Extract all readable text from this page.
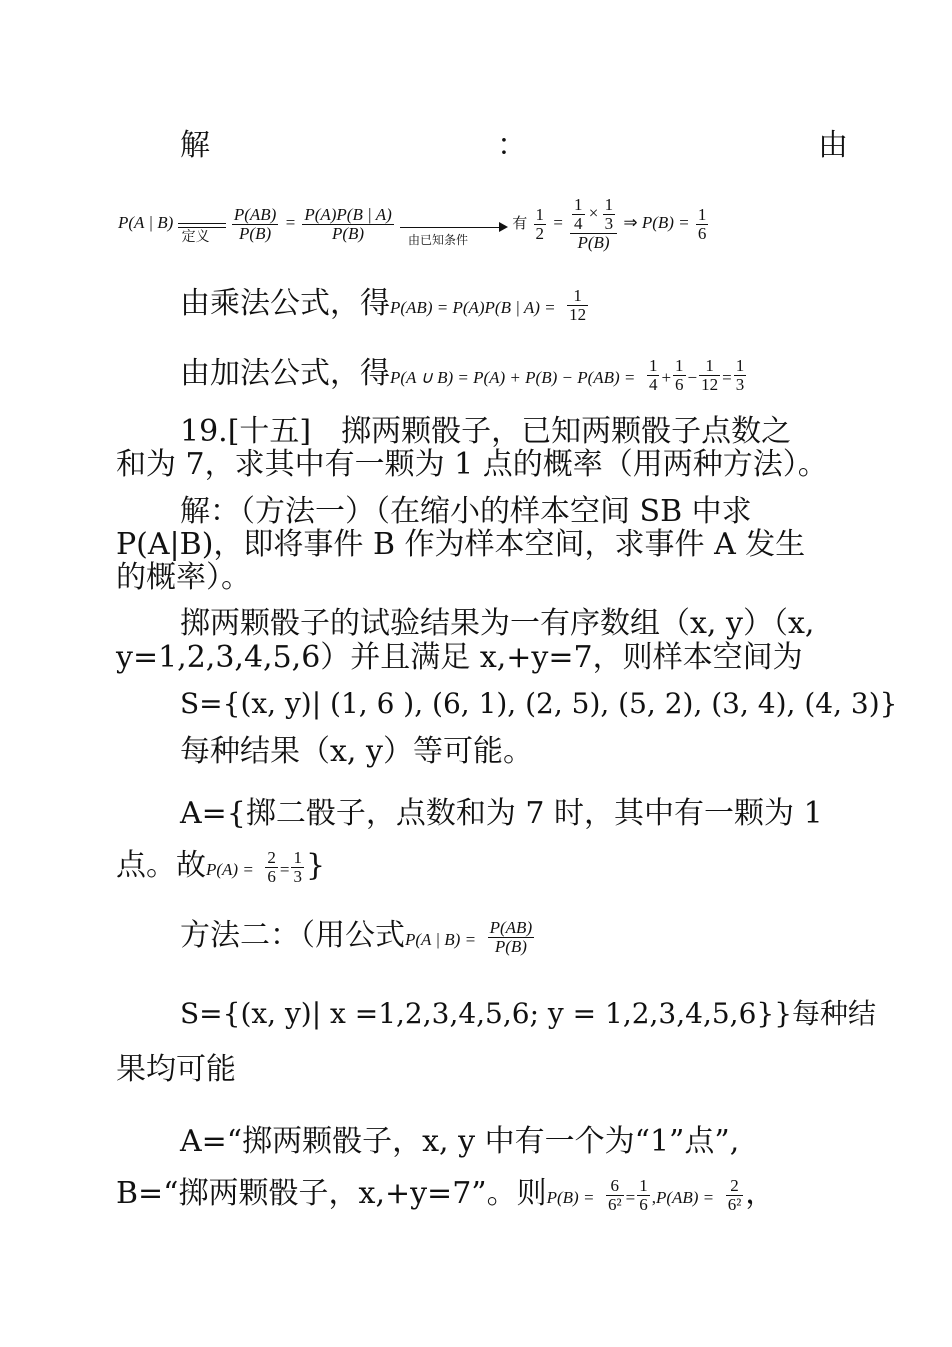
解	：	由
P(A | B)
定义
$\frac{P(AB)}{P(B)} = \frac{P(A)P(B | A)}{P(B)}$
由已知条件
有 $\frac{1}{2} = \frac{\frac{1}{4} \times \frac{1}{3}}{P(B)}$ ⇒ $P(B) = \frac{1}{6}$
由乘法公式，得P(AB) = P(A)P(B | $A) = \frac{1}{12}$
由加法公式，得P(A ∪ $B) = P(A) + P(B) - P(AB) = \frac{1}{4} + \frac{1}{6} - \frac{1}{12} = \frac{1}{3}$
19.[十五]　掷两颗骰子，已知两颗骰子点数之
和为 7，求其中有一颗为 1 点的概率（用两种方法）。
解：（方法一）（在缩小的样本空间 SB 中求
P(A|B)，即将事件 B 作为样本空间，求事件 A 发生
的概率）。
掷两颗骰子的试验结果为一有序数组（x, y）（x,
y=1,2,3,4,5,6）并且满足 x,+y=7，则样本空间为
S={(x, y)| (1, 6 ), (6, 1), (2, 5), (5, 2), (3, 4), (4, 3)}
每种结果（x, y）等可能。
A={掷二骰子，点数和为 7 时，其中有一颗为 1
点。故$P(A) = \frac{2}{6} = \frac{1}{3}$ }
方法二：（用公式P(A | $B) = \frac{P(AB)}{P(B)}$
S={(x, y)| x =1,2,3,4,5,6; y = 1,2,3,4,5,6}}每种结
果均可能
A=“掷两颗骰子，x, y 中有一个为“1”点”,
B=“掷两颗骰子，x,+y=7”。则$P(B) = \frac{6}{\text{6²}} = \frac{1}{6} ,P(AB) = \frac{2}{\text{6²}}$ ，
